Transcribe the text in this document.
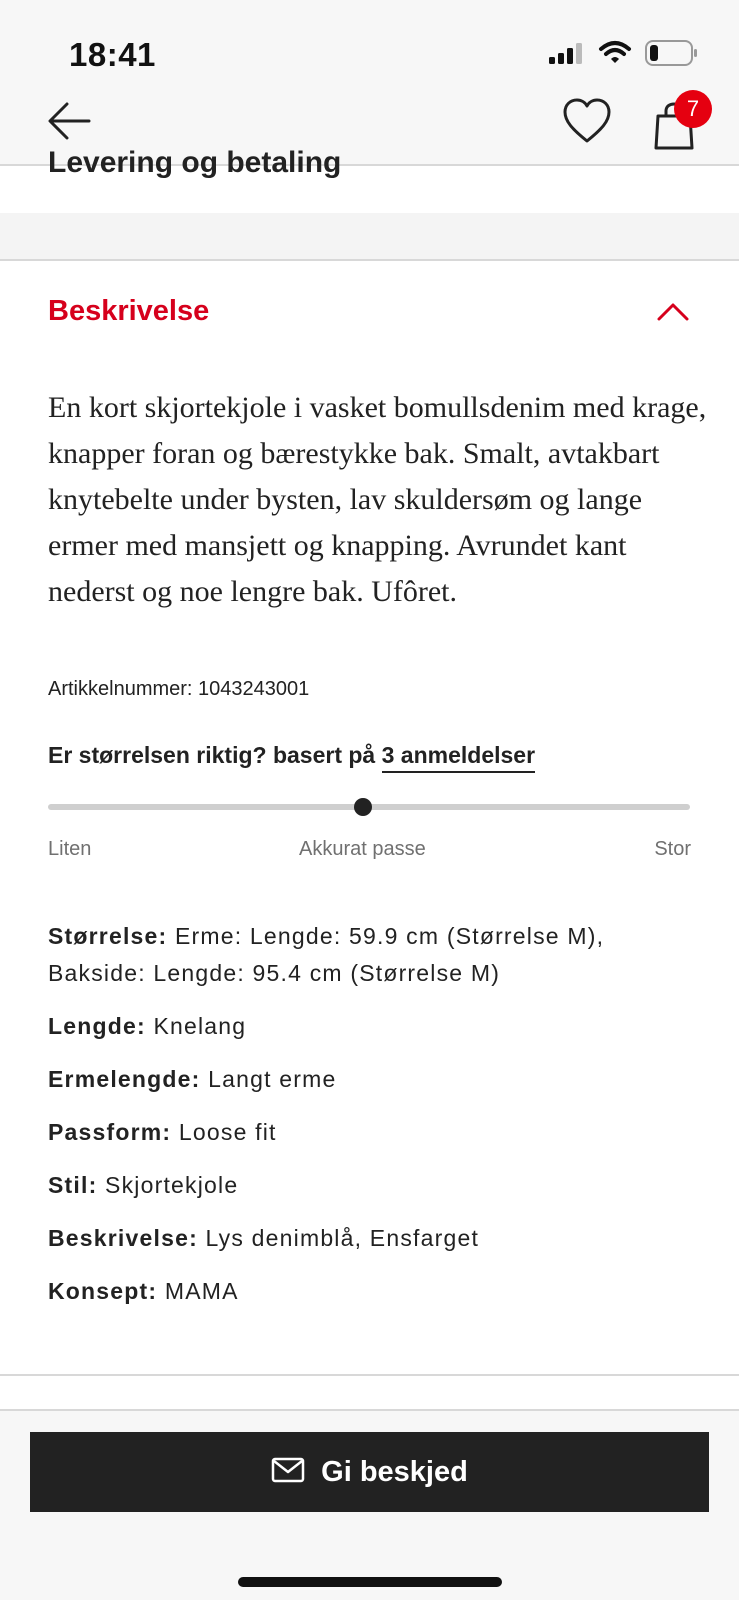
18:41
7
Levering og betaling
Beskrivelse

En kort skjortekjole i vasket bomullsdenim med krage, knapper foran og bærestykke bak. Smalt, avtakbart knytebelte under bysten, lav skuldersøm og lange ermer med mansjett og knapping. Avrundet kant nederst og noe lengre bak. Ufôret.

Artikkelnummer: 1043243001
Er størrelsen riktig? basert på 3 anmeldelser
Liten	Akkurat passe	Stor
Størrelse: Erme: Lengde: 59.9 cm (Størrelse M), Bakside: Lengde: 95.4 cm (Størrelse M)
Lengde: Knelang
Ermelengde: Langt erme
Passform: Loose fit
Stil: Skjortekjole
Beskrivelse: Lys denimblå, Ensfarget
Konsept: MAMA
Gi beskjed
